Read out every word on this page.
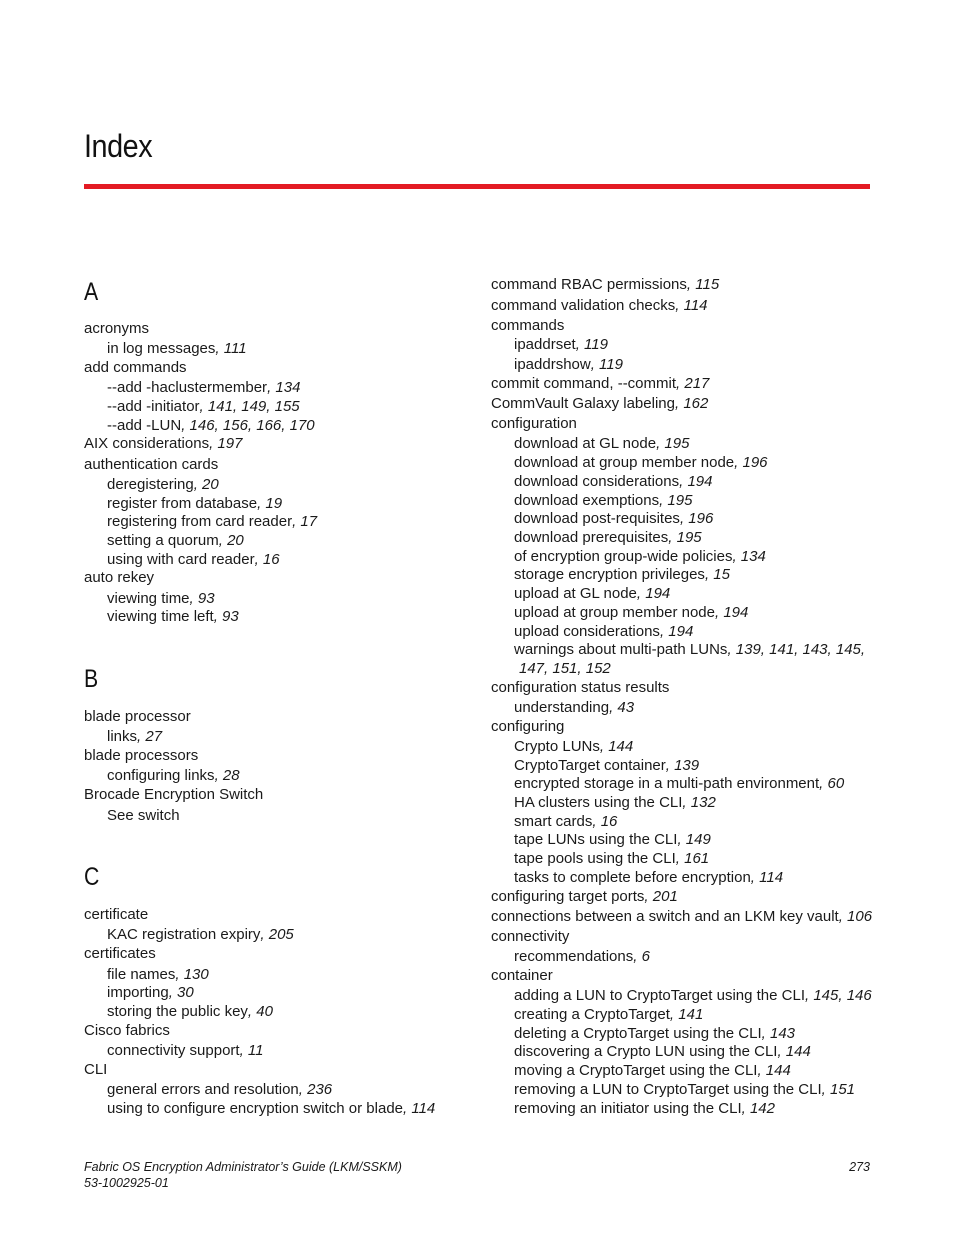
Index
A
acronyms
in log messages, 111
add commands
--add -haclustermember, 134
--add -initiator, 141, 149, 155
--add -LUN, 146, 156, 166, 170
AIX considerations, 197
authentication cards
deregistering, 20
register from database, 19
registering from card reader, 17
setting a quorum, 20
using with card reader, 16
auto rekey
viewing time, 93
viewing time left, 93
B
blade processor
links, 27
blade processors
configuring links, 28
Brocade Encryption Switch
See switch
C
certificate
KAC registration expiry, 205
certificates
file names, 130
importing, 30
storing the public key, 40
Cisco fabrics
connectivity support, 11
CLI
general errors and resolution, 236
using to configure encryption switch or blade, 114
command RBAC permissions, 115
command validation checks, 114
commands
ipaddrset, 119
ipaddrshow, 119
commit command, --commit, 217
CommVault Galaxy labeling, 162
configuration
download at GL node, 195
download at group member node, 196
download considerations, 194
download exemptions, 195
download post-requisites, 196
download prerequisites, 195
of encryption group-wide policies, 134
storage encryption privileges, 15
upload at GL node, 194
upload at group member node, 194
upload considerations, 194
warnings about multi-path LUNs, 139, 141, 143, 145,
147, 151, 152
configuration status results
understanding, 43
configuring
Crypto LUNs, 144
CryptoTarget container, 139
encrypted storage in a multi-path environment, 60
HA clusters using the CLI, 132
smart cards, 16
tape LUNs using the CLI, 149
tape pools using the CLI, 161
tasks to complete before encryption, 114
configuring target ports, 201
connections between a switch and an LKM key vault, 106
connectivity
recommendations, 6
container
adding a LUN to CryptoTarget using the CLI, 145, 146
creating a CryptoTarget, 141
deleting a CryptoTarget using the CLI, 143
discovering a Crypto LUN using the CLI, 144
moving a CryptoTarget using the CLI, 144
removing a LUN to CryptoTarget using the CLI, 151
removing an initiator using the CLI, 142
Fabric OS Encryption Administrator’s Guide (LKM/SSKM)
53-1002925-01
273
